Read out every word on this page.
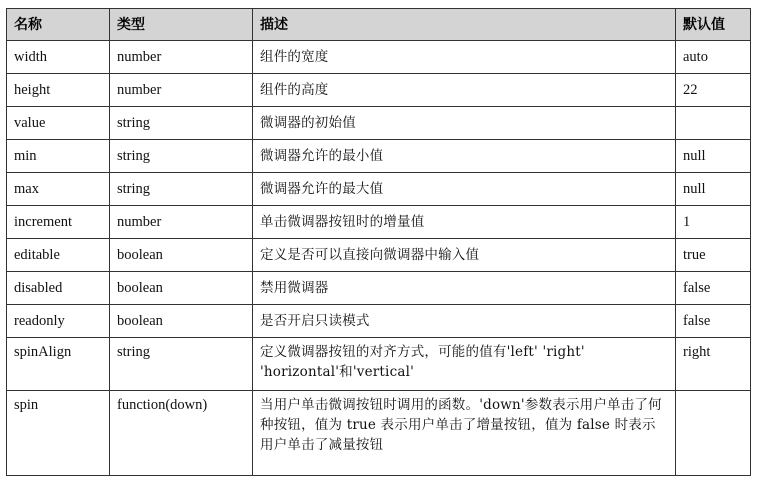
名称	类型	描述	默认值
width	number	组件的宽度	auto
height	number	组件的高度	22
value	string	微调器的初始值	
min	string	微调器允许的最小值	null
max	string	微调器允许的最大值	null
increment	number	单击微调器按钮时的增量值	1
editable	boolean	定义是否可以直接向微调器中输入值	true
disabled	boolean	禁用微调器	false
readonly	boolean	是否开启只读模式	false
spinAlign	string	定义微调器按钮的对齐方式，可能的值有'left' 'right' 'horizontal'和'vertical'	right
spin	function(down)	当用户单击微调按钮时调用的函数。'down'参数表示用户单击了何种按钮，值为 true 表示用户单击了增量按钮，值为 false 时表示用户单击了减量按钮	
